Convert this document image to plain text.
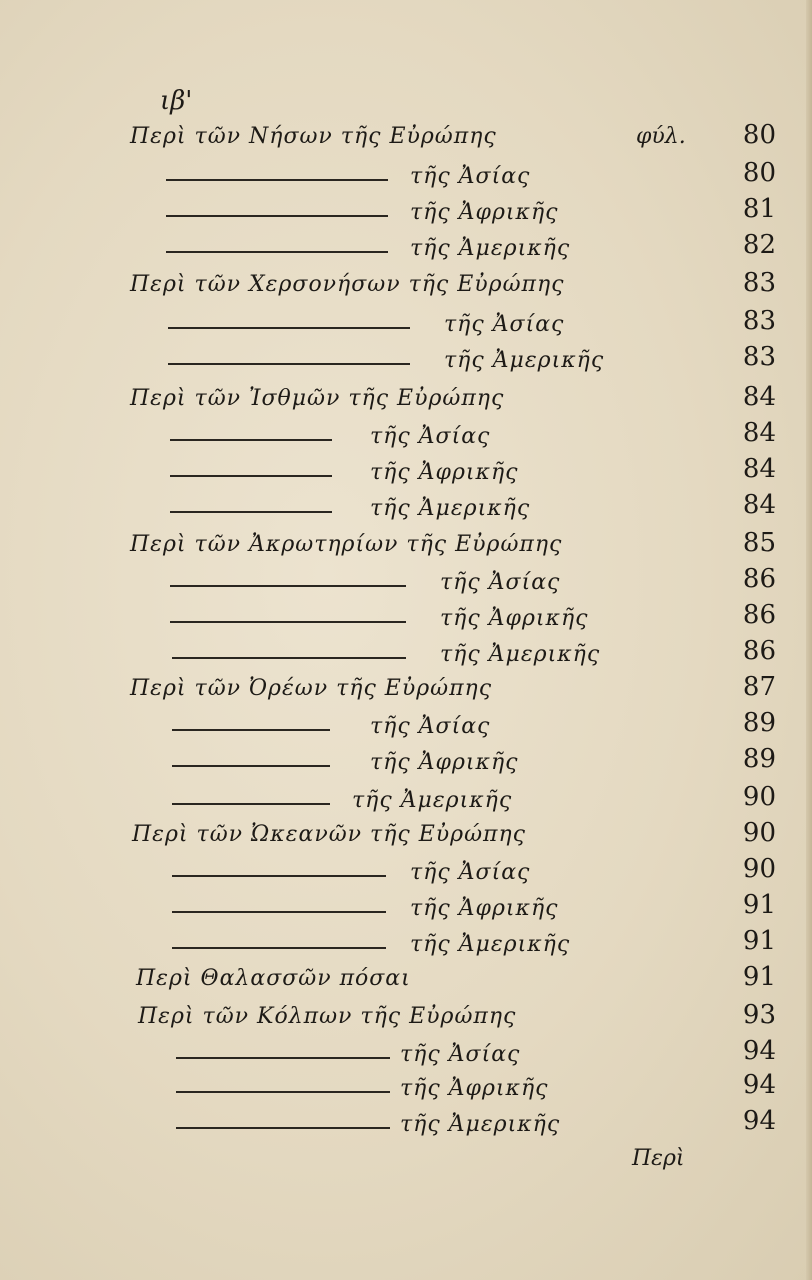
ιβ'
Περὶ τῶν Νήσων τῆς Εὐρώπης	φύλ.	80
τῆς Ἀσίας	80
τῆς Ἀφρικῆς	81
τῆς Ἀμερικῆς	82
Περὶ τῶν Χερσονήσων τῆς Εὐρώπης	83
τῆς Ἀσίας	83
τῆς Ἀμερικῆς	83
Περὶ τῶν Ἰσθμῶν τῆς Εὐρώπης	84
τῆς Ἀσίας	84
τῆς Ἀφρικῆς	84
τῆς Ἀμερικῆς	84
Περὶ τῶν Ἀκρωτηρίων τῆς Εὐρώπης	85
τῆς Ἀσίας	86
τῆς Ἀφρικῆς	86
τῆς Ἀμερικῆς	86
Περὶ τῶν Ὀρέων τῆς Εὐρώπης	87
τῆς Ἀσίας	89
τῆς Ἀφρικῆς	89
τῆς Ἀμερικῆς	90
Περὶ τῶν Ὠκεανῶν τῆς Εὐρώπης	90
τῆς Ἀσίας	90
τῆς Ἀφρικῆς	91
τῆς Ἀμερικῆς	91
Περὶ Θαλασσῶν πόσαι	91
Περὶ τῶν Κόλπων τῆς Εὐρώπης	93
τῆς Ἀσίας	94
τῆς Ἀφρικῆς	94
τῆς Ἀμερικῆς	94
Περὶ
